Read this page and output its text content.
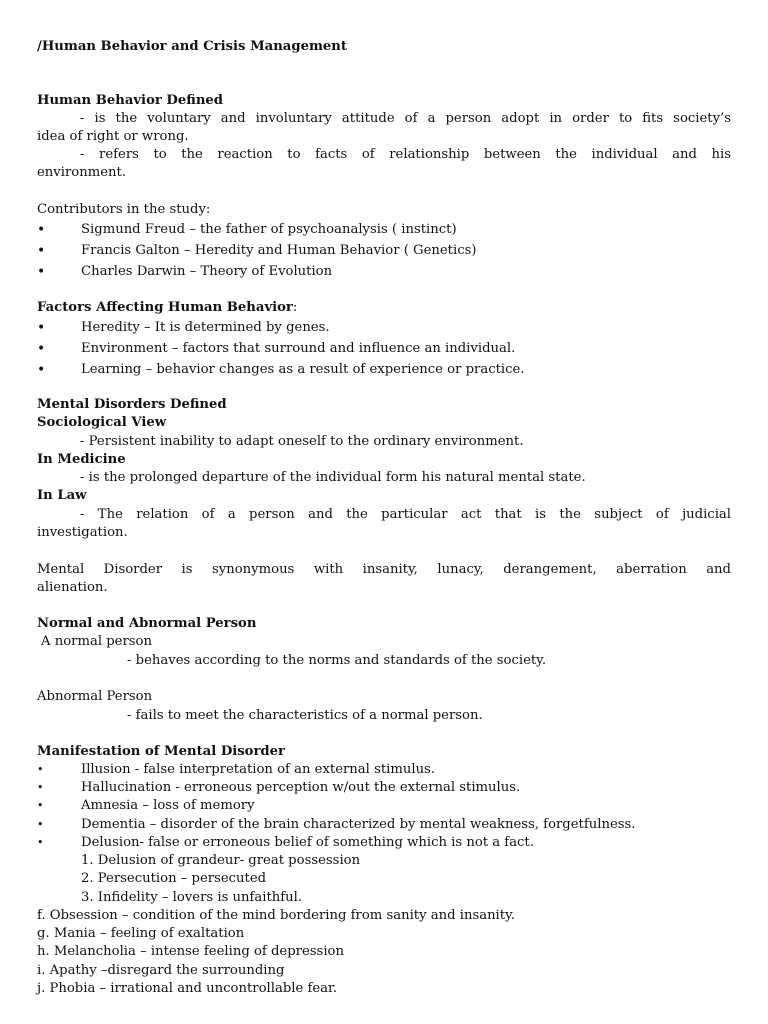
/Human Behavior and Crisis Management
Human Behavior Defined
- is the voluntary and involuntary attitude of a person adopt in order to fits society’s
idea of right or wrong.
- refers to the reaction to facts of relationship between the individual and his
environment.
Contributors in the study:
•	Sigmund Freud – the father of psychoanalysis ( instinct)
•	Francis Galton – Heredity and Human Behavior ( Genetics)
•	Charles Darwin – Theory of Evolution
Factors Affecting Human Behavior:
•	Heredity – It is determined by genes.
•	Environment – factors that surround and influence an individual.
•	Learning – behavior changes as a result of experience or practice.
Mental Disorders Defined
Sociological View
- Persistent inability to adapt oneself to the ordinary environment.
In Medicine
- is the prolonged departure of the individual form his natural mental state.
In Law
- The relation of a person and the particular act that is the subject of judicial
investigation.
Mental Disorder is synonymous with insanity, lunacy, derangement, aberration and
alienation.
Normal and Abnormal Person
A normal person
- behaves according to the norms and standards of the society.
Abnormal Person
- fails to meet the characteristics of a normal person.
Manifestation of Mental Disorder
•	Illusion - false interpretation of an external stimulus.
•	Hallucination - erroneous perception w/out the external stimulus.
•	Amnesia – loss of memory
•	Dementia – disorder of the brain characterized by mental weakness, forgetfulness.
•	Delusion- false or erroneous belief of something which is not a fact.
1. Delusion of grandeur- great possession
2. Persecution – persecuted
3. Infidelity – lovers is unfaithful.
f. Obsession – condition of the mind bordering from sanity and insanity.
g. Mania – feeling of exaltation
h. Melancholia – intense feeling of depression
i. Apathy –disregard the surrounding
j. Phobia – irrational and uncontrollable fear.
